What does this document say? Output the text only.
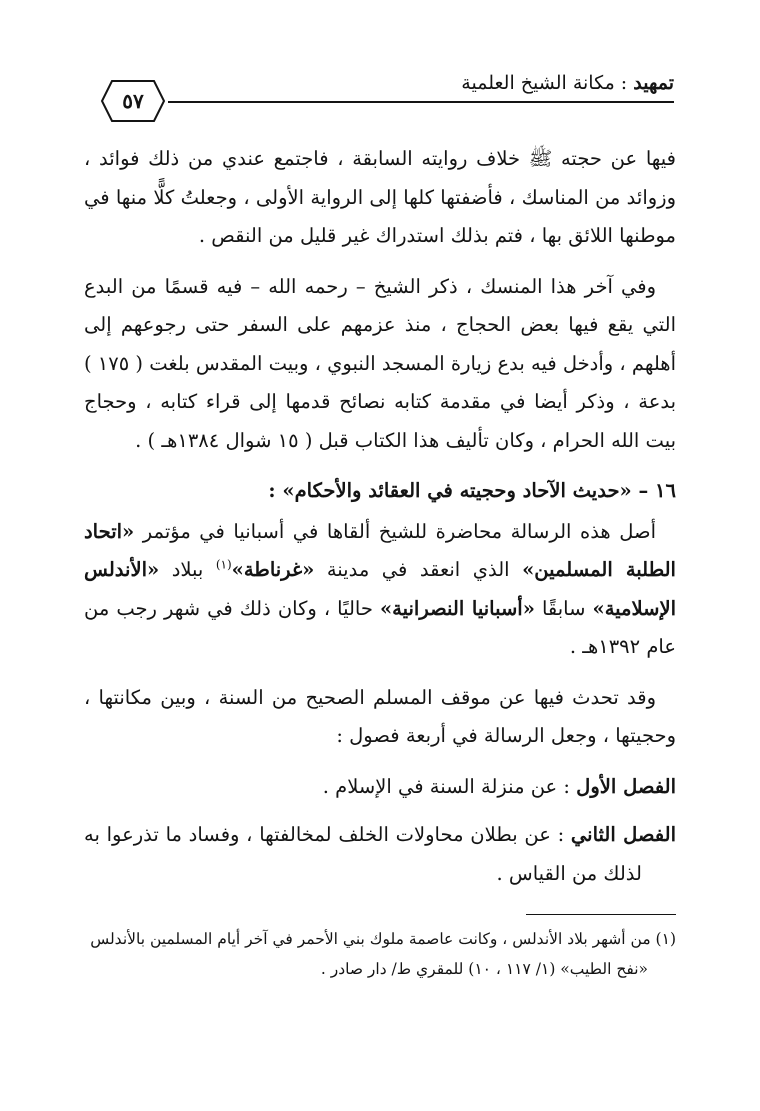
تمهيد : مكانة الشيخ العلمية
٥٧

فيها عن حجته ﷺ خلاف روايته السابقة ، فاجتمع عندي من ذلك فوائد ، وزوائد من المناسك ، فأضفتها كلها إلى الرواية الأولى ، وجعلتُ كلًّا منها في موطنها اللائق بها ، فتم بذلك استدراك غير قليل من النقص .

وفي آخر هذا المنسك ، ذكر الشيخ – رحمه الله – فيه قسمًا من البدع التي يقع فيها بعض الحجاج ، منذ عزمهم على السفر حتى رجوعهم إلى أهلهم ، وأدخل فيه بدع زيارة المسجد النبوي ، وبيت المقدس بلغت ( ١٧٥ ) بدعة ، وذكر أيضا في مقدمة كتابه نصائح قدمها إلى قراء كتابه ، وحجاج بيت الله الحرام ، وكان تأليف هذا الكتاب قبل ( ١٥ شوال ١٣٨٤هـ ) .

١٦ – «حديث الآحاد وحجيته في العقائد والأحكام» :

أصل هذه الرسالة محاضرة للشيخ ألقاها في أسبانيا في مؤتمر «اتحاد الطلبة المسلمين» الذي انعقد في مدينة «غرناطة»$^{(١)}$ ببلاد «الأندلس الإسلامية» سابقًا «أسبانيا النصرانية» حاليًا ، وكان ذلك في شهر رجب من عام ١٣٩٢هـ .

وقد تحدث فيها عن موقف المسلم الصحيح من السنة ، وبين مكانتها ، وحجيتها ، وجعل الرسالة في أربعة فصول :

الفصل الأول : عن منزلة السنة في الإسلام .

الفصل الثاني : عن بطلان محاولات الخلف لمخالفتها ، وفساد ما تذرعوا به لذلك من القياس .

(١) من أشهر بلاد الأندلس ، وكانت عاصمة ملوك بني الأحمر في آخر أيام المسلمين بالأندلس

«نفح الطيب» (١/ ١١٧ ، ١٠) للمقري ط/ دار صادر .
